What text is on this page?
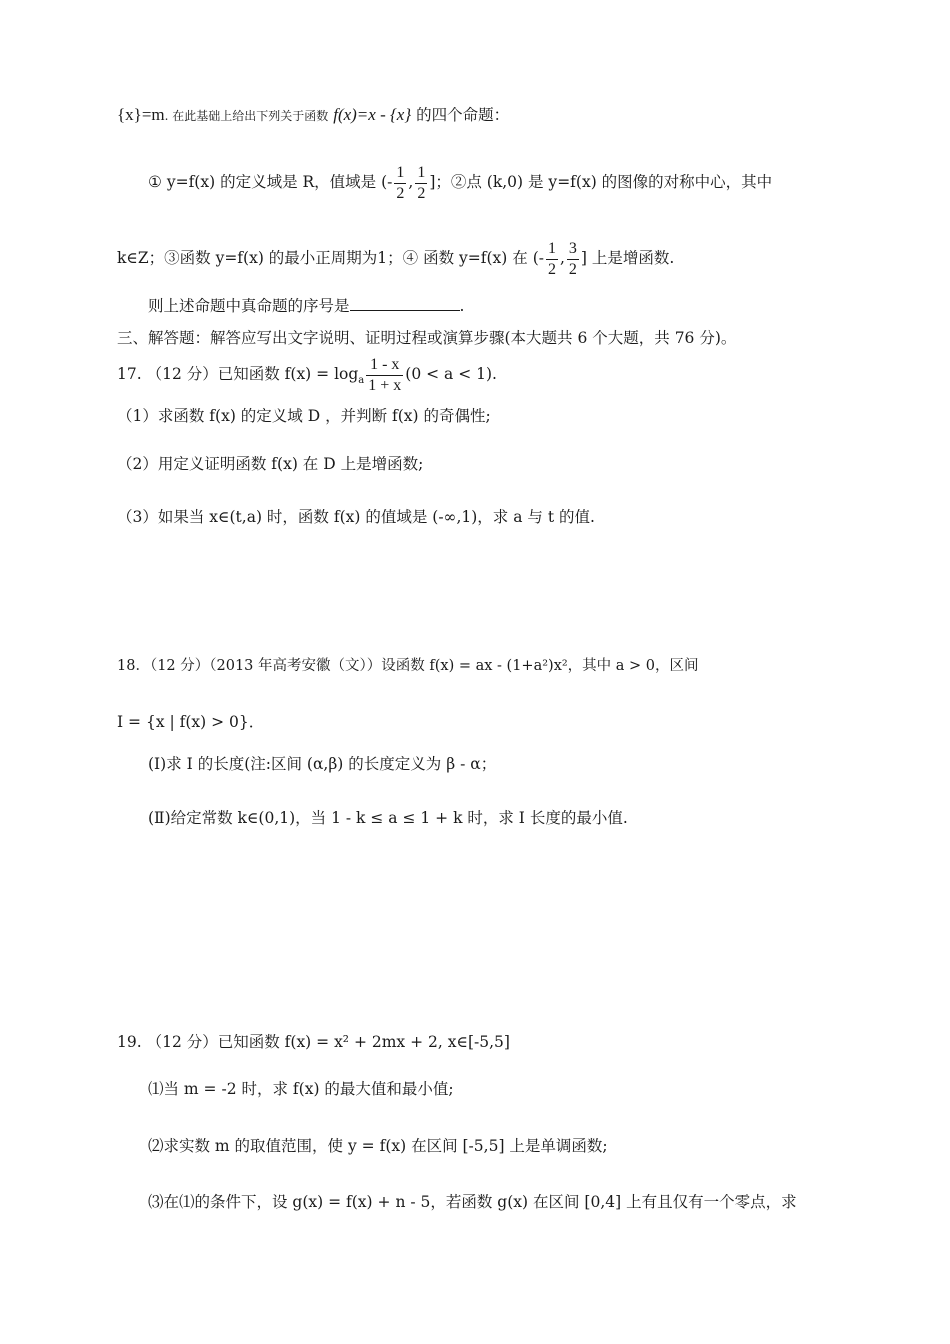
{x}=m. 在此基础上给出下列关于函数 f(x)=x - {x} 的四个命题：
① y=f(x) 的定义域是 R，值域是 (- $\frac{1}{2}$ , $\frac{1}{2}$ ]；②点 (k,0) 是 y=f(x) 的图像的对称中心，其中
k∈Z；③函数 y=f(x) 的最小正周期为1；④ 函数 y=f(x) 在 (- $\frac{1}{2}$ , $\frac{3}{2}$ ] 上是增函数.
则上述命题中真命题的序号是	.
三、解答题：解答应写出文字说明、证明过程或演算步骤(本大题共 6 个大题，共 76 分)。
17. （12 分）已知函数 $f(x) = \log_a \frac{1 - x}{1 + x} (0 < a < 1)$.
（1）求函数 f(x) 的定义域 D ，并判断 f(x) 的奇偶性;
（2）用定义证明函数 f(x) 在 D 上是增函数;
（3）如果当 x∈(t,a) 时，函数 f(x) 的值域是 (-∞,1)，求 a 与 t 的值.
18．（12 分）（2013 年高考安徽（文））设函数 f(x) = ax - (1+a²)x²，其中 a > 0，区间
I = {x | f(x) > 0}．
(Ⅰ)求 I 的长度(注:区间 (α,β) 的长度定义为 β - α；
(Ⅱ)给定常数 k∈(0,1)，当 1 - k ≤ a ≤ 1 + k 时，求 I 长度的最小值.
19. （12 分）已知函数 f(x) = x² + 2mx + 2, x∈[-5,5]
⑴当 m = -2 时，求 f(x) 的最大值和最小值;
⑵求实数 m 的取值范围，使 y = f(x) 在区间 [-5,5] 上是单调函数;
⑶在⑴的条件下，设 g(x) = f(x) + n - 5，若函数 g(x) 在区间 [0,4] 上有且仅有一个零点，求
